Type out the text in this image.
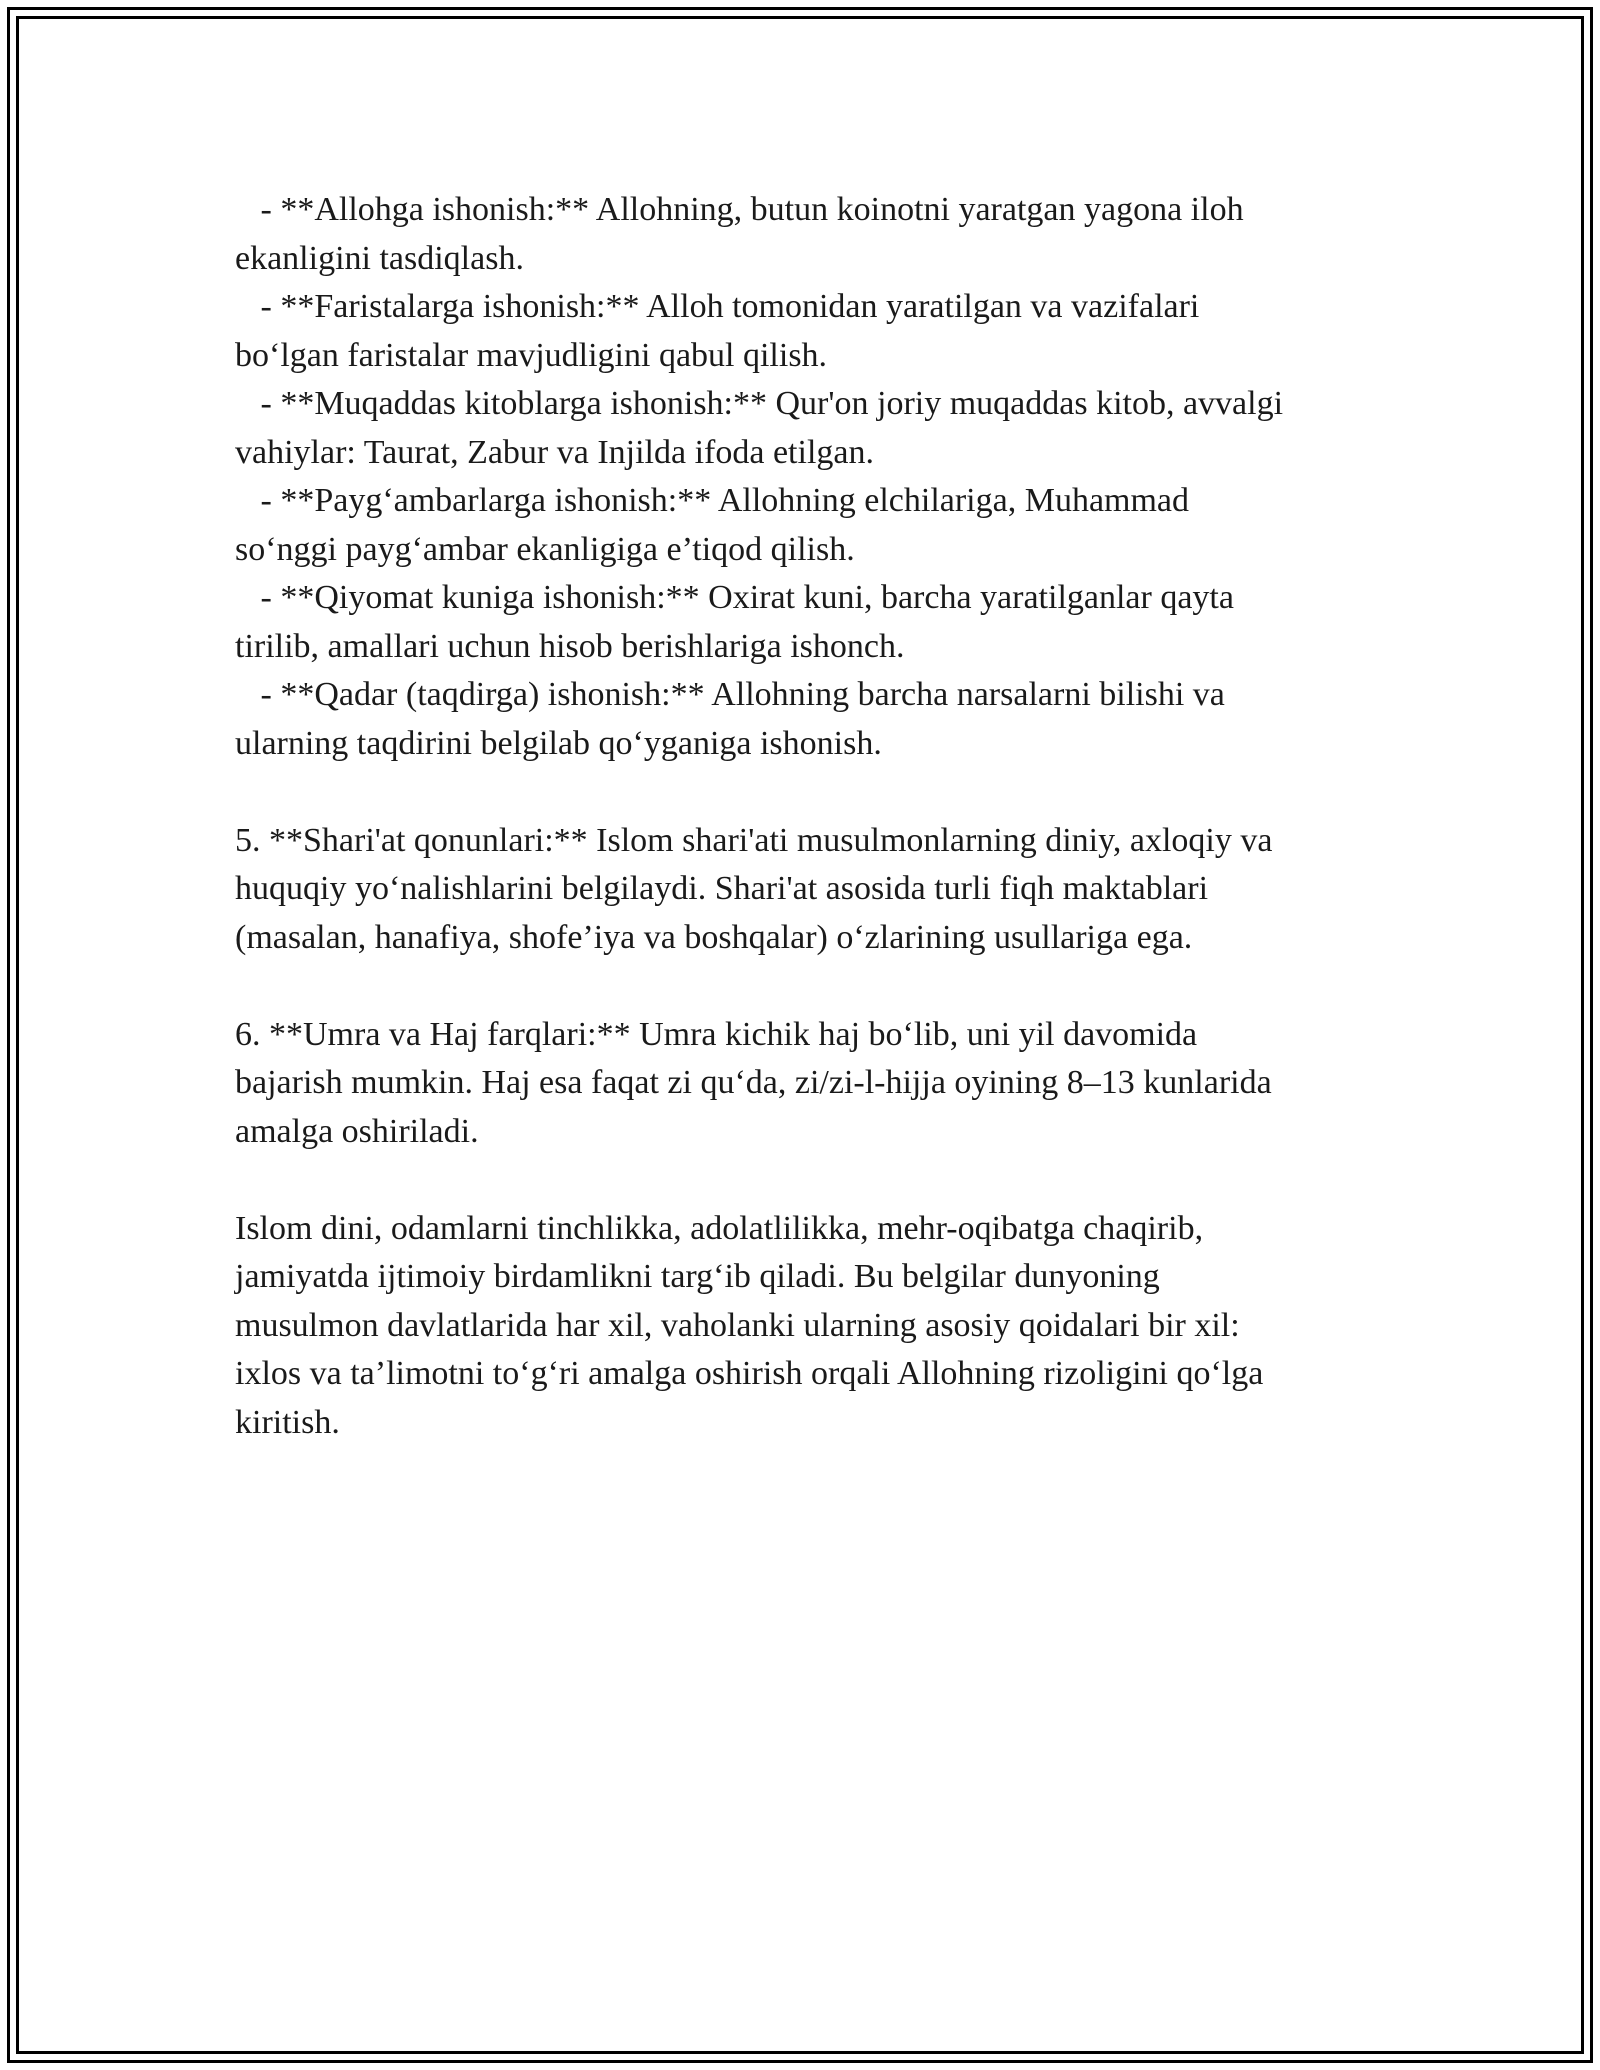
- **Allohga ishonish:** Allohning, butun koinotni yaratgan yagona iloh
ekanligini tasdiqlash.
- **Faristalarga ishonish:** Alloh tomonidan yaratilgan va vazifalari
bo‘lgan faristalar mavjudligini qabul qilish.
- **Muqaddas kitoblarga ishonish:** Qur'on joriy muqaddas kitob, avvalgi
vahiylar: Taurat, Zabur va Injilda ifoda etilgan.
- **Payg‘ambarlarga ishonish:** Allohning elchilariga, Muhammad
so‘nggi payg‘ambar ekanligiga e’tiqod qilish.
- **Qiyomat kuniga ishonish:** Oxirat kuni, barcha yaratilganlar qayta
tirilib, amallari uchun hisob berishlariga ishonch.
- **Qadar (taqdirga) ishonish:** Allohning barcha narsalarni bilishi va
ularning taqdirini belgilab qo‘yganiga ishonish.
5. **Shari'at qonunlari:** Islom shari'ati musulmonlarning diniy, axloqiy va
huquqiy yo‘nalishlarini belgilaydi. Shari'at asosida turli fiqh maktablari
(masalan, hanafiya, shofe’iya va boshqalar) o‘zlarining usullariga ega.
6. **Umra va Haj farqlari:** Umra kichik haj bo‘lib, uni yil davomida
bajarish mumkin. Haj esa faqat zi qu‘da, zi/zi-l-hijja oyining 8–13 kunlarida
amalga oshiriladi.
Islom dini, odamlarni tinchlikka, adolatlilikka, mehr-oqibatga chaqirib,
jamiyatda ijtimoiy birdamlikni targ‘ib qiladi. Bu belgilar dunyoning
musulmon davlatlarida har xil, vaholanki ularning asosiy qoidalari bir xil:
ixlos va ta’limotni to‘g‘ri amalga oshirish orqali Allohning rizoligini qo‘lga
kiritish.
